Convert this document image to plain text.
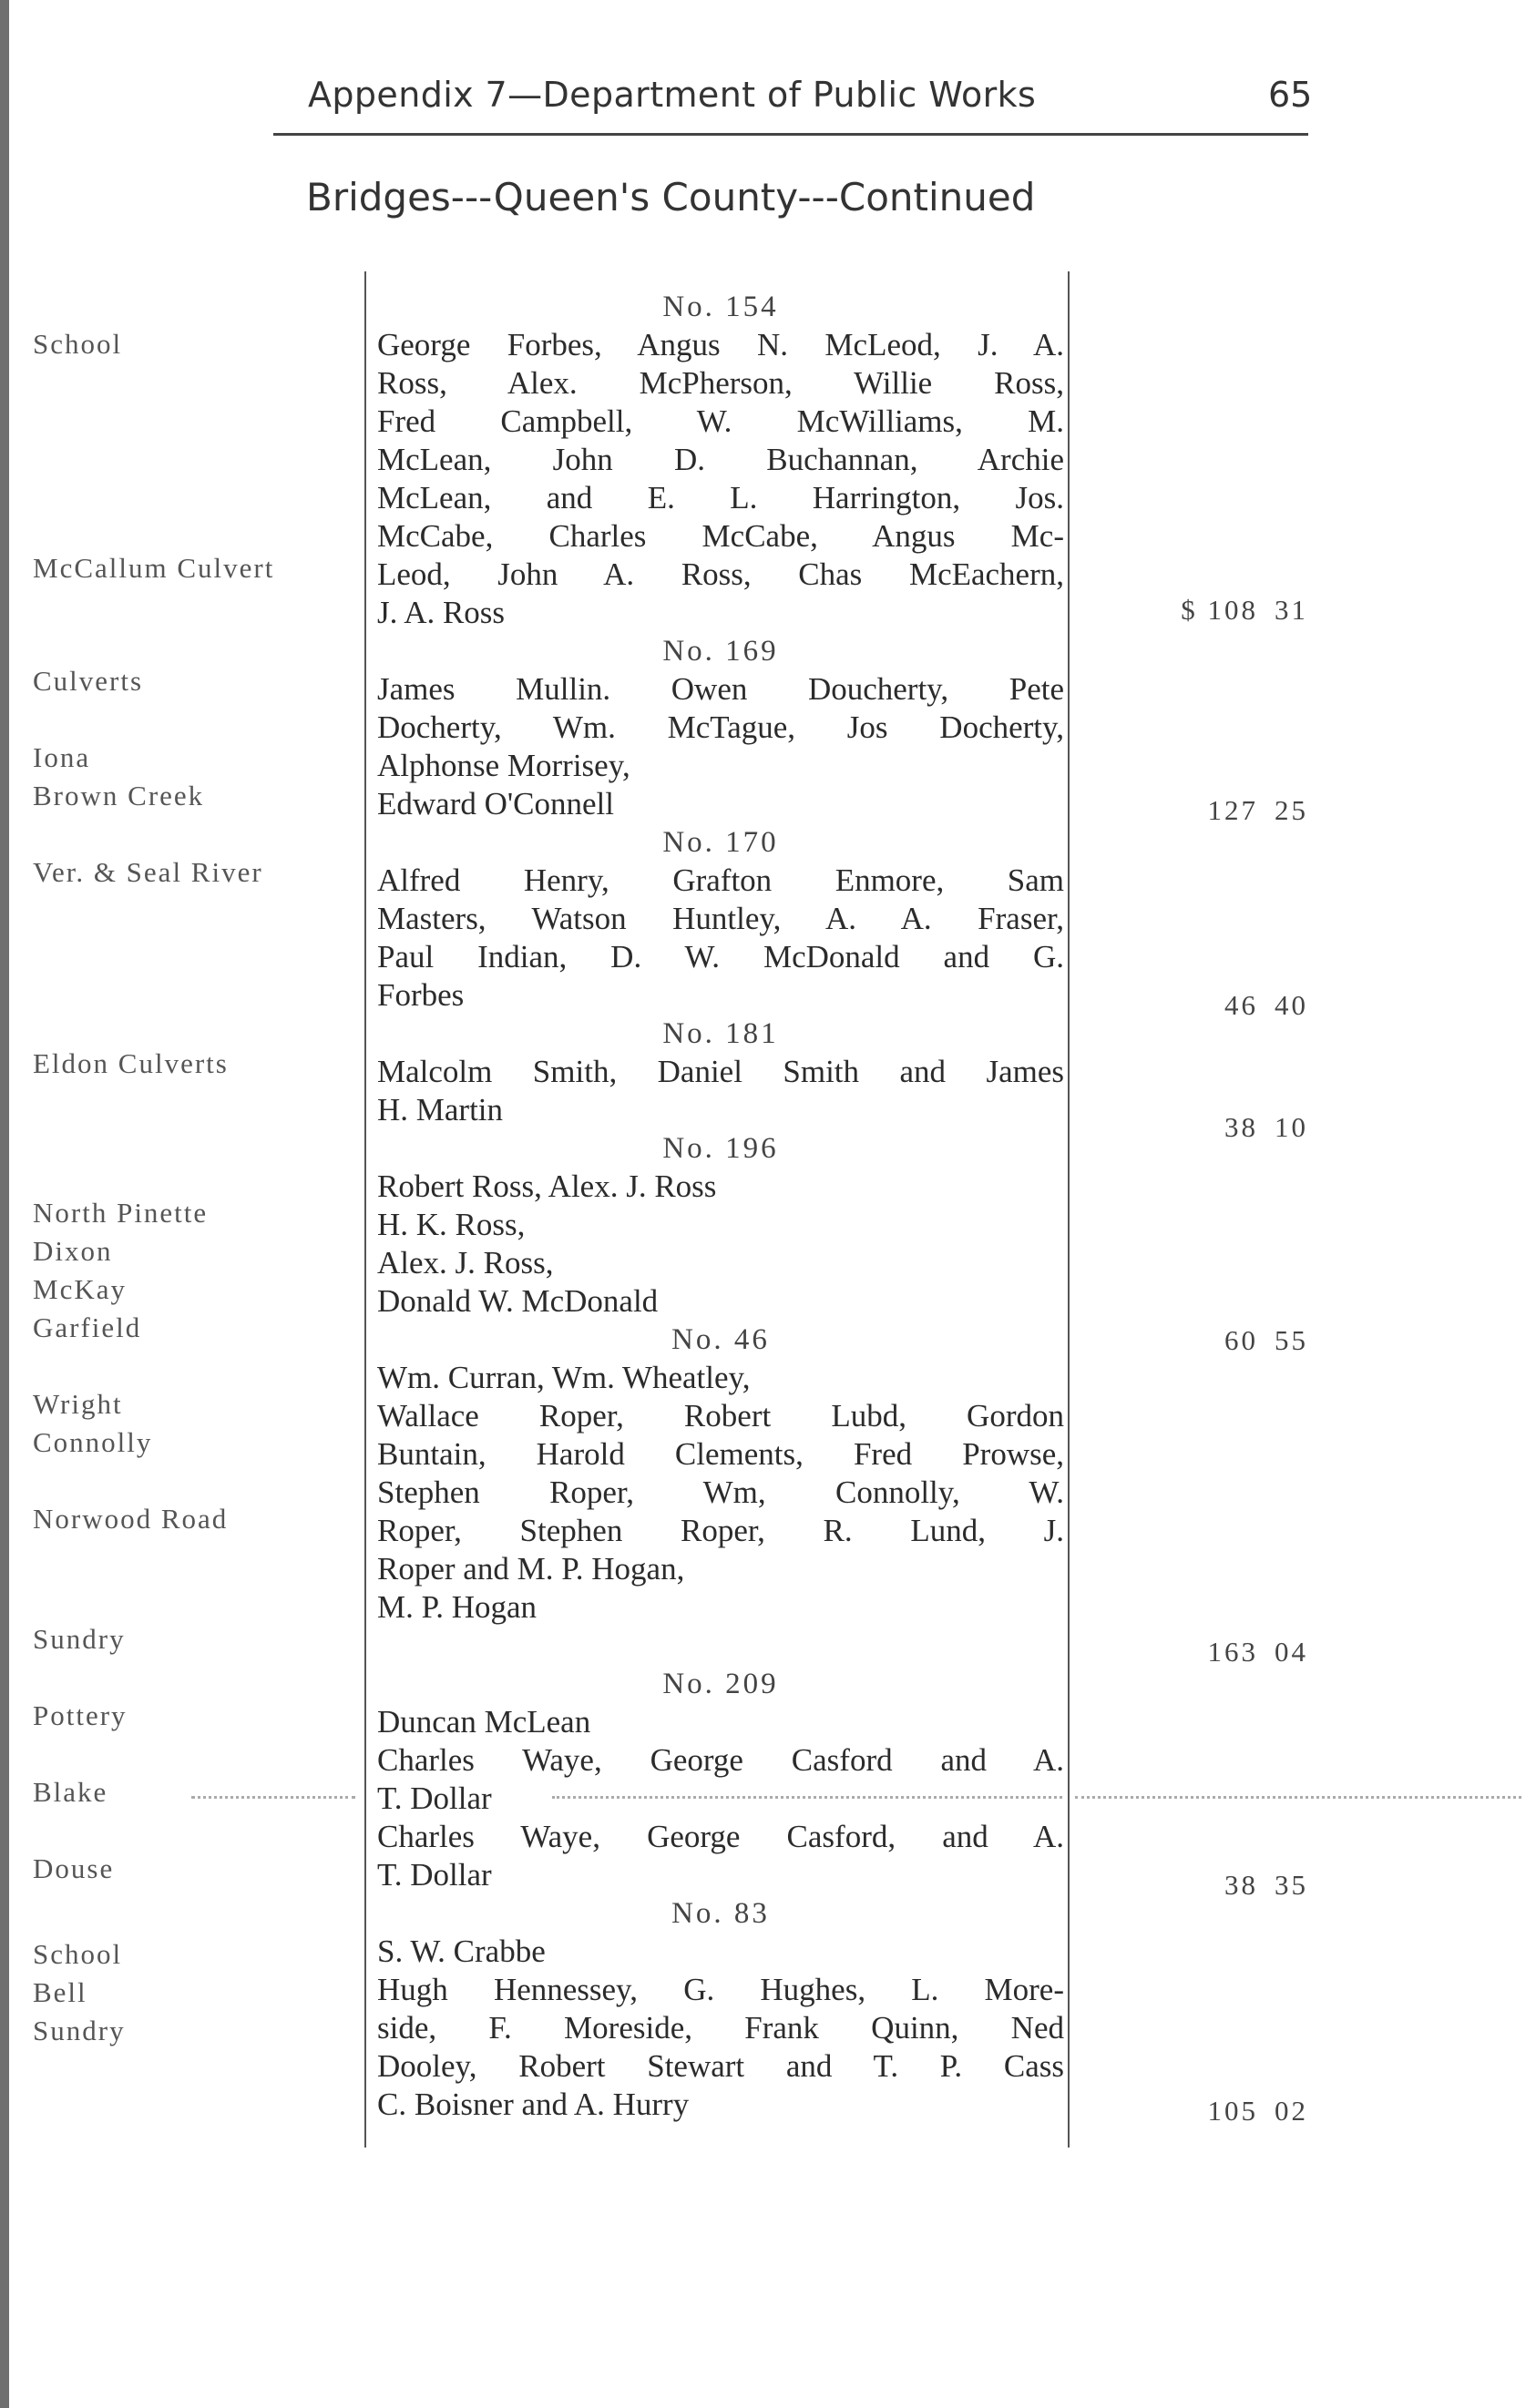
Appendix 7—Department of Public Works	65
Bridges---Queen's County---Continued
School
McCallum Culvert
Culverts
Iona
Brown Creek
Ver. & Seal River
Eldon Culverts
North Pinette
Dixon
McKay
Garfield
Wright
Connolly
Norwood Road
Sundry
Pottery
Blake
Douse
School
Bell
Sundry
No. 154
No. 169
No. 170
No. 181
No. 196
No. 46
No. 209
No. 83
George Forbes, Angus N. McLeod, J. A.
Ross, Alex. McPherson, Willie Ross,
Fred Campbell, W. McWilliams, M.
McLean, John D. Buchannan, Archie
McLean, and E. L. Harrington, Jos.
McCabe, Charles McCabe, Angus Mc-
Leod, John A. Ross, Chas McEachern,
J. A. Ross
James Mullin. Owen Doucherty, Pete
Docherty, Wm. McTague, Jos Docherty,
Alphonse Morrisey,
Edward O'Connell
Alfred Henry, Grafton Enmore, Sam
Masters, Watson Huntley, A. A. Fraser,
Paul Indian, D. W. McDonald and G.
Forbes
Malcolm Smith, Daniel Smith and James
H. Martin
Robert Ross, Alex. J. Ross
H. K. Ross,
Alex. J. Ross,
Donald W. McDonald
Wm. Curran, Wm. Wheatley,
Wallace Roper, Robert Lubd, Gordon
Buntain, Harold Clements, Fred Prowse,
Stephen Roper, Wm, Connolly, W.
Roper, Stephen Roper, R. Lund, J.
Roper and M. P. Hogan,
M. P. Hogan
Duncan McLean
Charles Waye, George Casford and A.
T. Dollar
Charles Waye, George Casford, and A.
T. Dollar
S. W. Crabbe
Hugh Hennessey, G. Hughes, L. More-
side, F. Moreside, Frank Quinn, Ned
Dooley, Robert Stewart and T. P. Cass
C. Boisner and A. Hurry
$ 108 31
127 25
46 40
38 10
60 55
163 04
38 35
105 02
